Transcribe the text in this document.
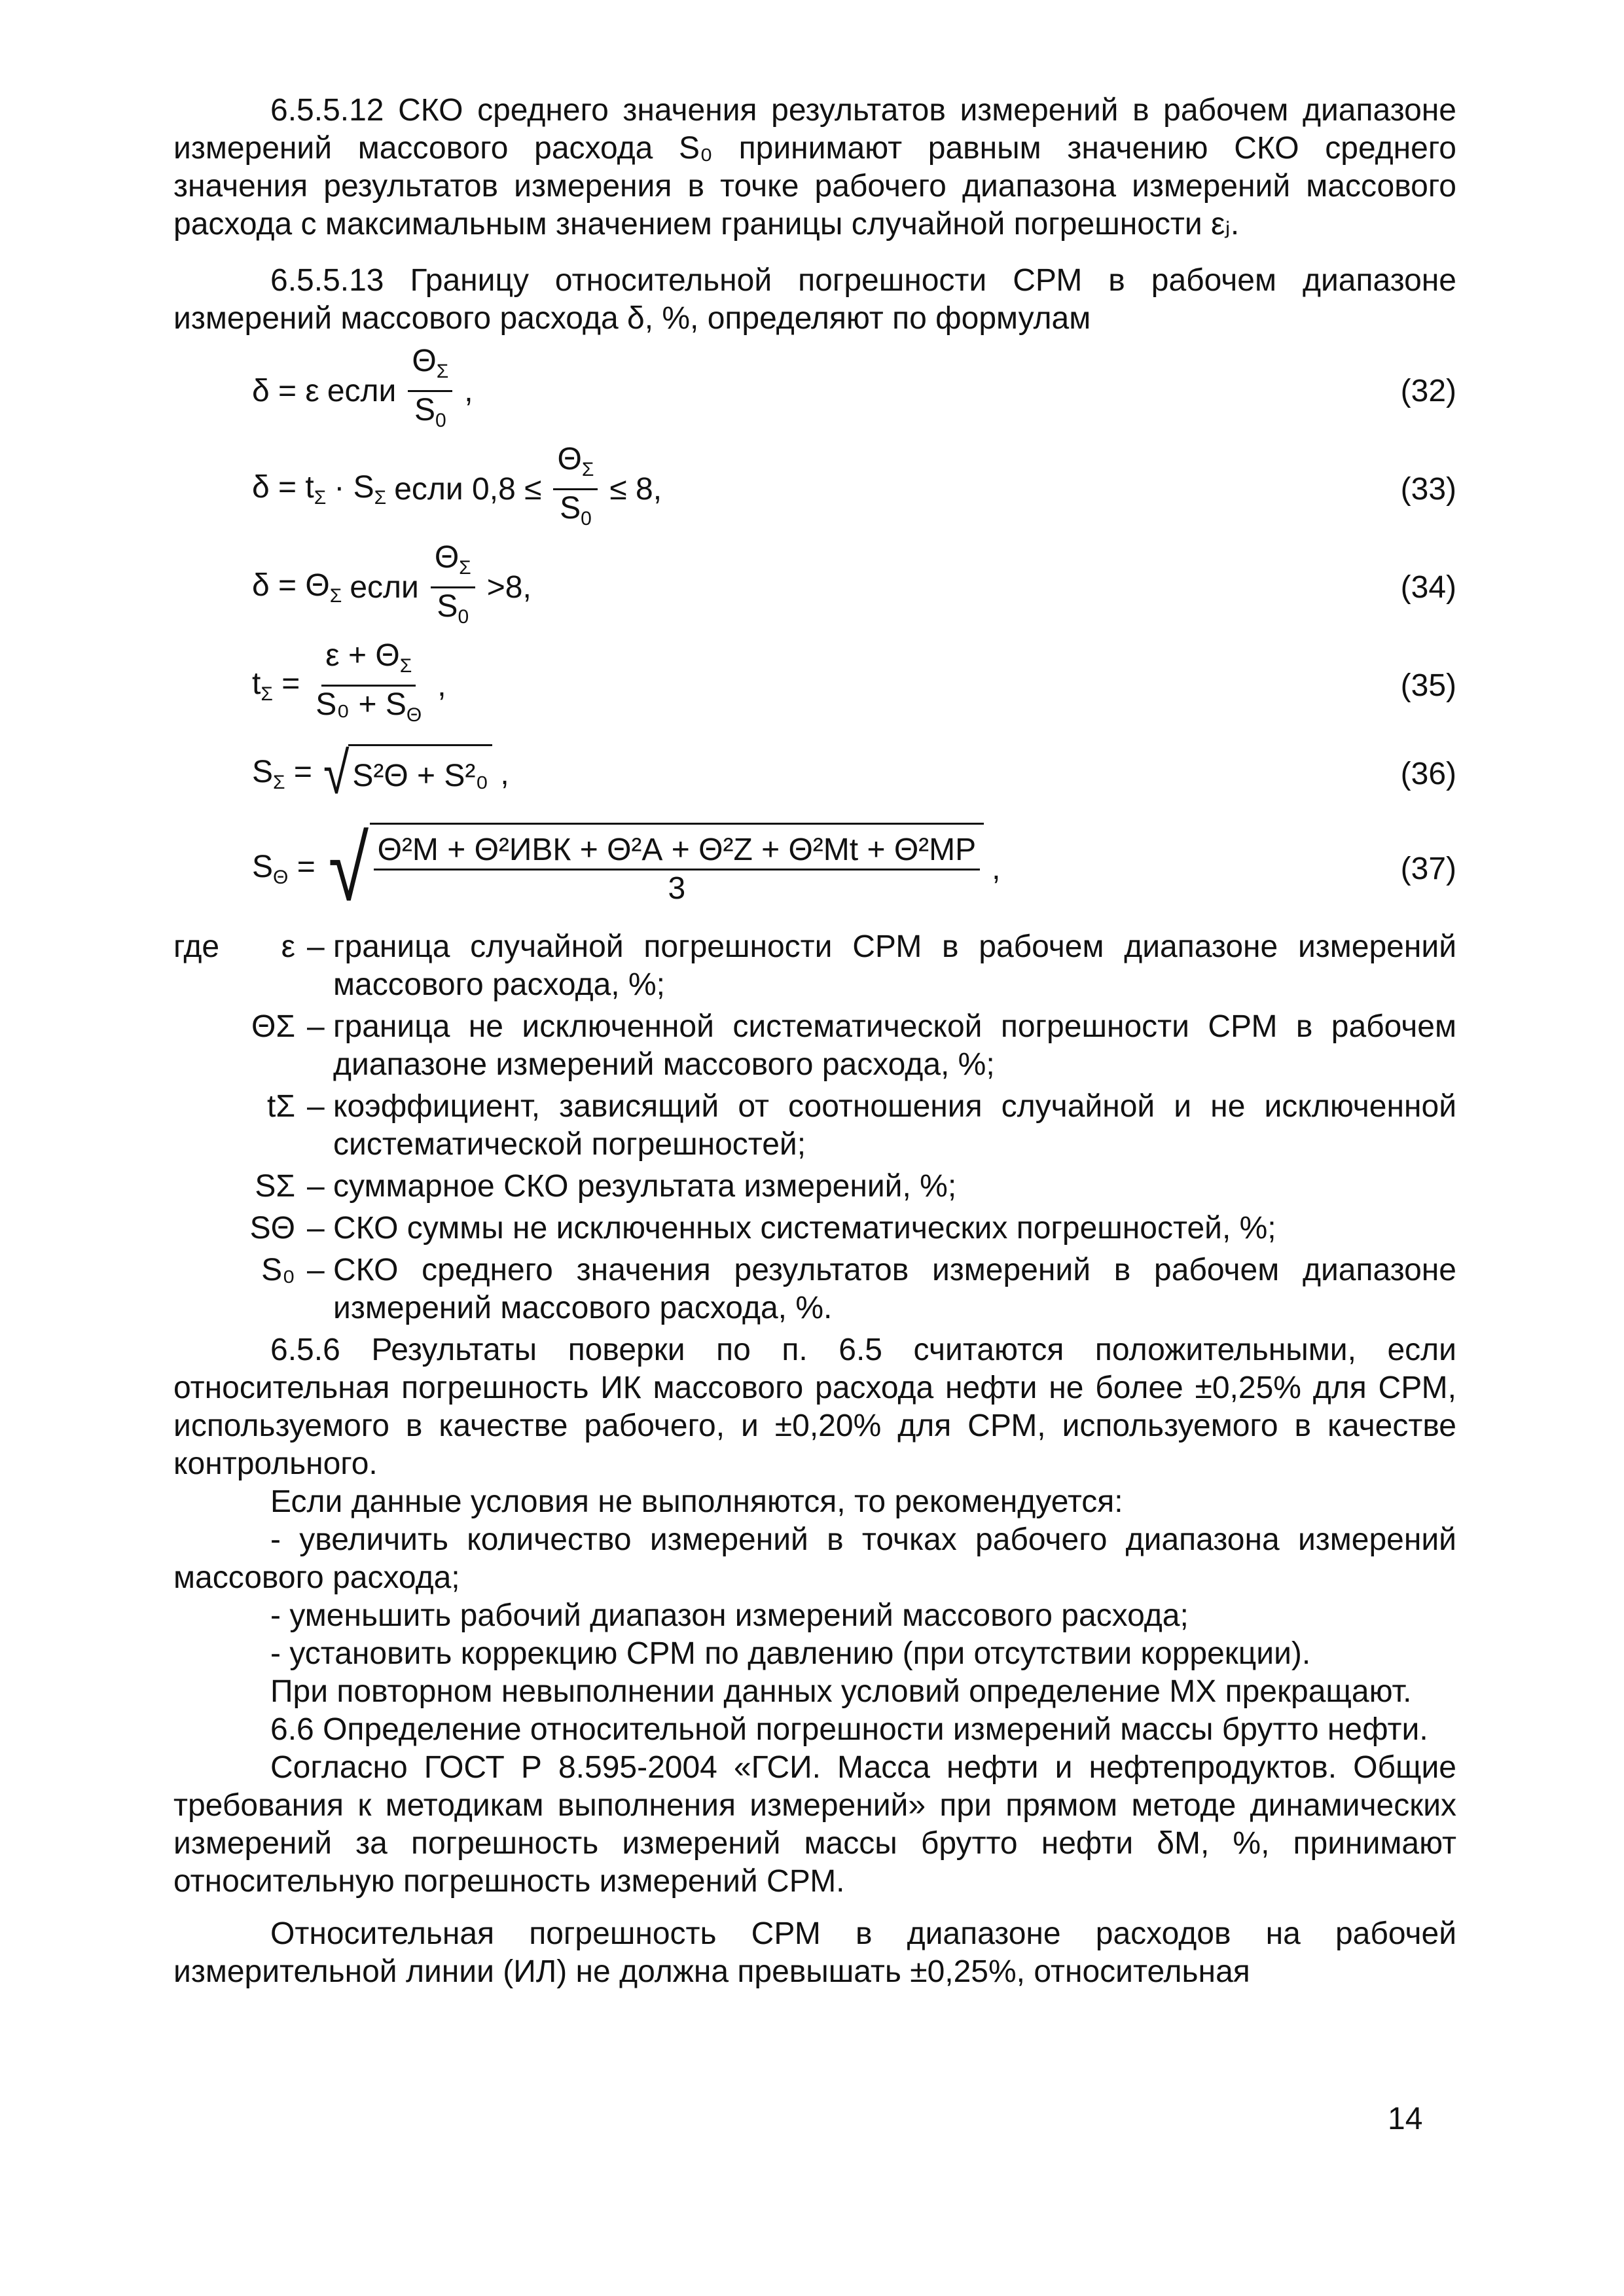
6.5.5.12 СКО среднего значения результатов измерений в рабочем диапазоне измерений массового расхода S₀ принимают равным значению СКО среднего значения результатов измерения в точке рабочего диапазона измерений массового расхода с максимальным значением границы случайной погрешности εⱼ.

6.5.5.13 Границу относительной погрешности СРМ в рабочем диапазоне измерений массового расхода δ, %, определяют по формулам

δ = ε если $\frac{\Theta_\Sigma}{S_0}$ ,	(32)
$\delta = t_\Sigma \cdot S_\Sigma$ если $0,8 \le \frac{\Theta_\Sigma}{S_0} \le 8$,	(33)
$\delta = \Theta_\Sigma$ если $\frac{\Theta_\Sigma}{S_0} >8$,	(34)
$t_\Sigma = \frac{\varepsilon + \Theta_\Sigma}{S_0 + S_\Theta}$ ,	(35)
$S_\Sigma$ = √ S²Θ + S²₀ ,	(36)
$S_\Theta$ = √ $\frac{\text{Θ²М + Θ²ИВК + Θ²А + Θ²Z + Θ²Mt + Θ²МР}}{3}$ ,	(37)
где	ε – граница случайной погрешности СРМ в рабочем диапазоне измерений массового расхода, %;
ΘΣ – граница не исключенной систематической погрешности СРМ в рабочем диапазоне измерений массового расхода, %;
tΣ – коэффициент, зависящий от соотношения случайной и не исключенной систематической погрешностей;
SΣ – суммарное СКО результата измерений, %;
SΘ – СКО суммы не исключенных систематических погрешностей, %;
S₀ – СКО среднего значения результатов измерений в рабочем диапазоне измерений массового расхода, %.

6.5.6 Результаты поверки по п. 6.5 считаются положительными, если относительная погрешность ИК массового расхода нефти не более ±0,25% для СРМ, используемого в качестве рабочего, и ±0,20% для СРМ, используемого в качестве контрольного.

Если данные условия не выполняются, то рекомендуется:

- увеличить количество измерений в точках рабочего диапазона измерений массового расхода;

- уменьшить рабочий диапазон измерений массового расхода;

- установить коррекцию СРМ по давлению (при отсутствии коррекции).

При повторном невыполнении данных условий определение МХ прекращают.

6.6 Определение относительной погрешности измерений массы брутто нефти.

Согласно ГОСТ Р 8.595-2004 «ГСИ. Масса нефти и нефтепродуктов. Общие требования к методикам выполнения измерений» при прямом методе динамических измерений за погрешность измерений массы брутто нефти δМ, %, принимают относительную погрешность измерений СРМ.

Относительная погрешность СРМ в диапазоне расходов на рабочей измерительной линии (ИЛ) не должна превышать ±0,25%, относительная

14
